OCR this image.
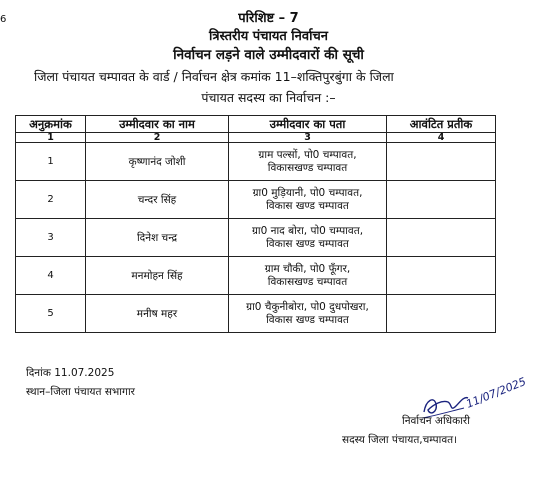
6	परिशिष्ट – 7
त्रिस्तरीय पंचायत निर्वाचन
निर्वाचन लड़ने वाले उम्मीदवारों की सूची
जिला पंचायत चम्पावत के वार्ड / निर्वाचन क्षेत्र कमांक 11–शक्तिपुरबुंगा के जिला
पंचायत सदस्य का निर्वाचन :–
अनुक्रमांक	उम्मीदवार का नाम	उम्मीदवार का पता	आवंटित प्रतीक
1	2	3	4
1	कृष्णानंद जोशी	ग्राम पल्सों, पो0 चम्पावत,
विकासखण्ड चम्पावत	
2	चन्दर सिंह	ग्रा0 मुड़ियानी, पो0 चम्पावत,
विकास खण्ड चम्पावत	
3	दिनेश चन्द्र	ग्रा0 नाद बोरा, पो0 चम्पावत,
विकास खण्ड चम्पावत	
4	मनमोहन सिंह	ग्राम चौकी, पो0 फूँगर,
विकासखण्ड चम्पावत	
5	मनीष महर	ग्रा0 चैकुनीबोरा, पो0 दुधपोखरा,
विकास खण्ड चम्पावत	
दिनांक 11.07.2025
स्थान–जिला पंचायत सभागार	11/07/2025
निर्वाचन अधिकारी
सदस्य जिला पंचायत,चम्पावत।
